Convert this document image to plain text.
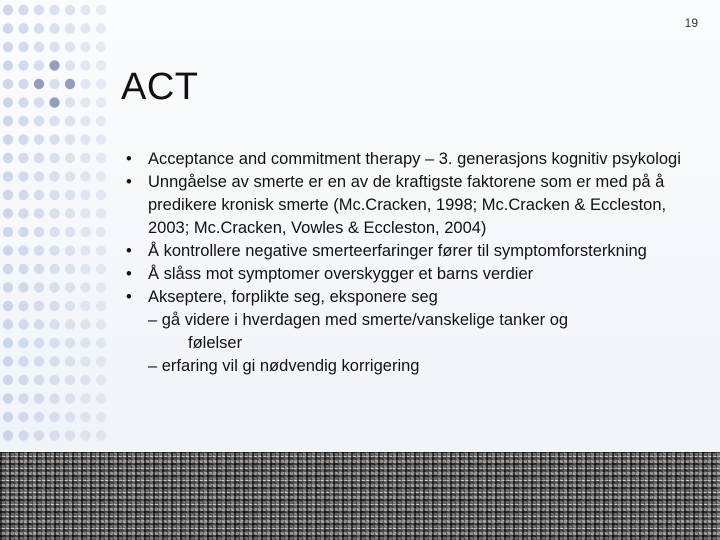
19
ACT
• Acceptance and commitment therapy – 3. generasjons kognitiv psykologi
• Unngåelse av smerte er en av de kraftigste faktorene som er med på å predikere kronisk smerte (Mc.Cracken, 1998; Mc.Cracken & Eccleston, 2003; Mc.Cracken, Vowles & Eccleston, 2004)
• Å kontrollere negative smerteerfaringer fører til symptomforsterkning
• Å slåss mot symptomer overskygger et barns verdier
• Akseptere, forplikte seg, eksponere seg
– gå videre i hverdagen med smerte/vanskelige tanker og
følelser
– erfaring vil gi nødvendig korrigering
